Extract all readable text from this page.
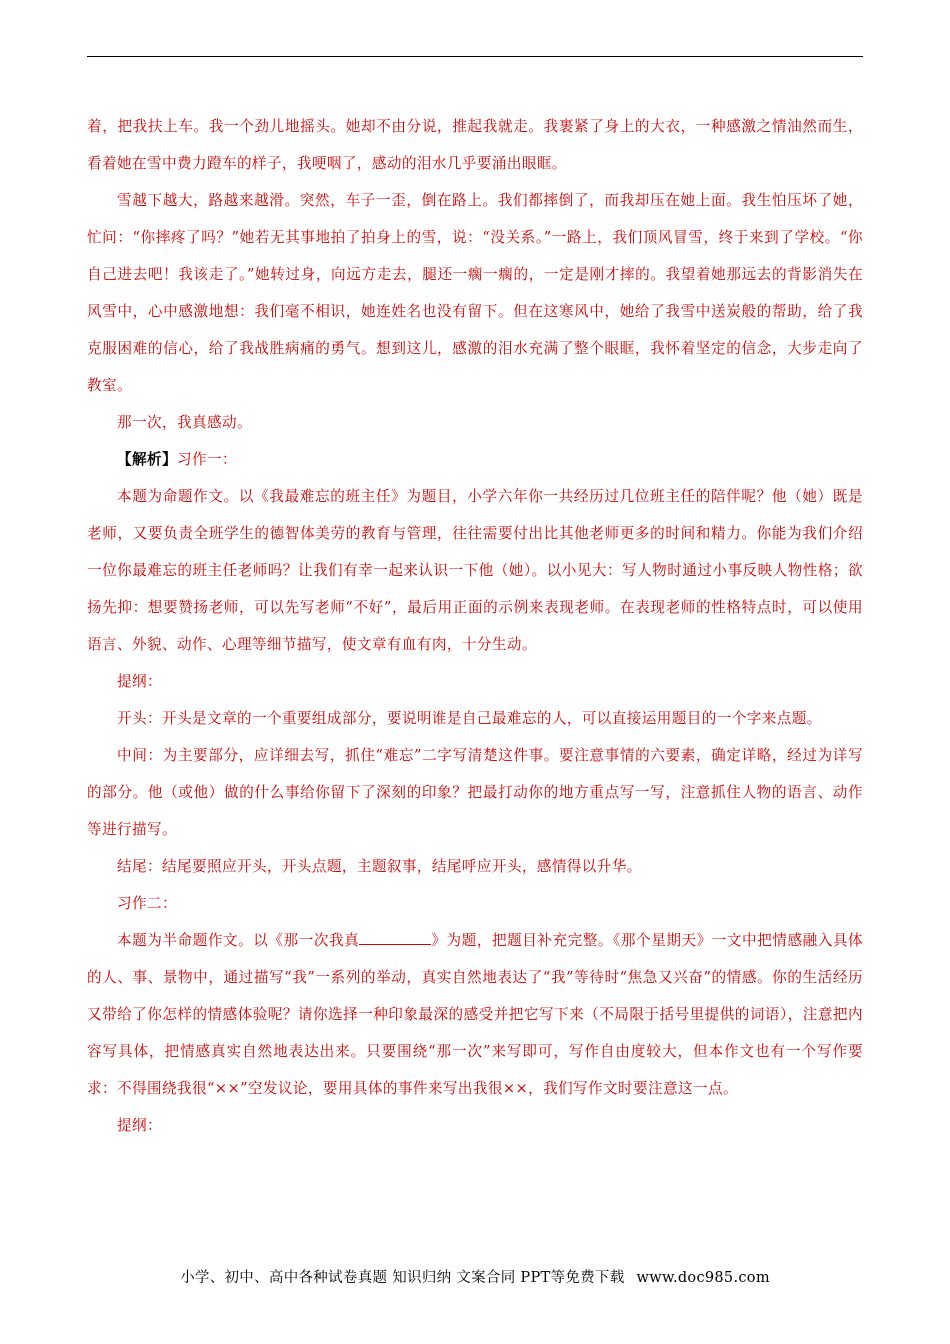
着，把我扶上车。我一个劲儿地摇头。她却不由分说，推起我就走。我裹紧了身上的大衣，一种感激之情油然而生，看着她在雪中费力蹬车的样子，我哽咽了，感动的泪水几乎要涌出眼眶。

雪越下越大，路越来越滑。突然，车子一歪，倒在路上。我们都摔倒了，而我却压在她上面。我生怕压坏了她，忙问：“你摔疼了吗？”她若无其事地拍了拍身上的雪，说：“没关系。”一路上，我们顶风冒雪，终于来到了学校。“你自己进去吧！我该走了。”她转过身，向远方走去，腿还一瘸一瘸的，一定是刚才摔的。我望着她那远去的背影消失在风雪中，心中感激地想：我们毫不相识，她连姓名也没有留下。但在这寒风中，她给了我雪中送炭般的帮助，给了我克服困难的信心，给了我战胜病痛的勇气。想到这儿，感激的泪水充满了整个眼眶，我怀着坚定的信念，大步走向了教室。

那一次，我真感动。

【解析】习作一：

本题为命题作文。以《我最难忘的班主任》为题目，小学六年你一共经历过几位班主任的陪伴呢？他（她）既是老师，又要负责全班学生的德智体美劳的教育与管理，往往需要付出比其他老师更多的时间和精力。你能为我们介绍一位你最难忘的班主任老师吗？让我们有幸一起来认识一下他（她）。以小见大：写人物时通过小事反映人物性格；欲扬先抑：想要赞扬老师，可以先写老师“不好”，最后用正面的示例来表现老师。在表现老师的性格特点时，可以使用语言、外貌、动作、心理等细节描写，使文章有血有肉，十分生动。

提纲：

开头：开头是文章的一个重要组成部分，要说明谁是自己最难忘的人，可以直接运用题目的一个字来点题。

中间：为主要部分，应详细去写，抓住“难忘”二字写清楚这件事。要注意事情的六要素，确定详略，经过为详写的部分。他（或他）做的什么事给你留下了深刻的印象？把最打动你的地方重点写一写，注意抓住人物的语言、动作等进行描写。

结尾：结尾要照应开头，开头点题，主题叙事，结尾呼应开头，感情得以升华。

习作二：

本题为半命题作文。以《那一次我真	》为题，把题目补充完整。《那个星期天》一文中把情感融入具体的人、事、景物中，通过描写“我”一系列的举动，真实自然地表达了“我”等待时“焦急又兴奋”的情感。你的生活经历又带给了你怎样的情感体验呢？请你选择一种印象最深的感受并把它写下来（不局限于括号里提供的词语），注意把内容写具体，把情感真实自然地表达出来。只要围绕“那一次”来写即可，写作自由度较大，但本作文也有一个写作要求：不得围绕我很“××”空发议论，要用具体的事件来写出我很××，我们写作文时要注意这一点。

提纲：

小学、初中、高中各种试卷真题 知识归纳 文案合同 PPT等免费下载 www.doc985.com
